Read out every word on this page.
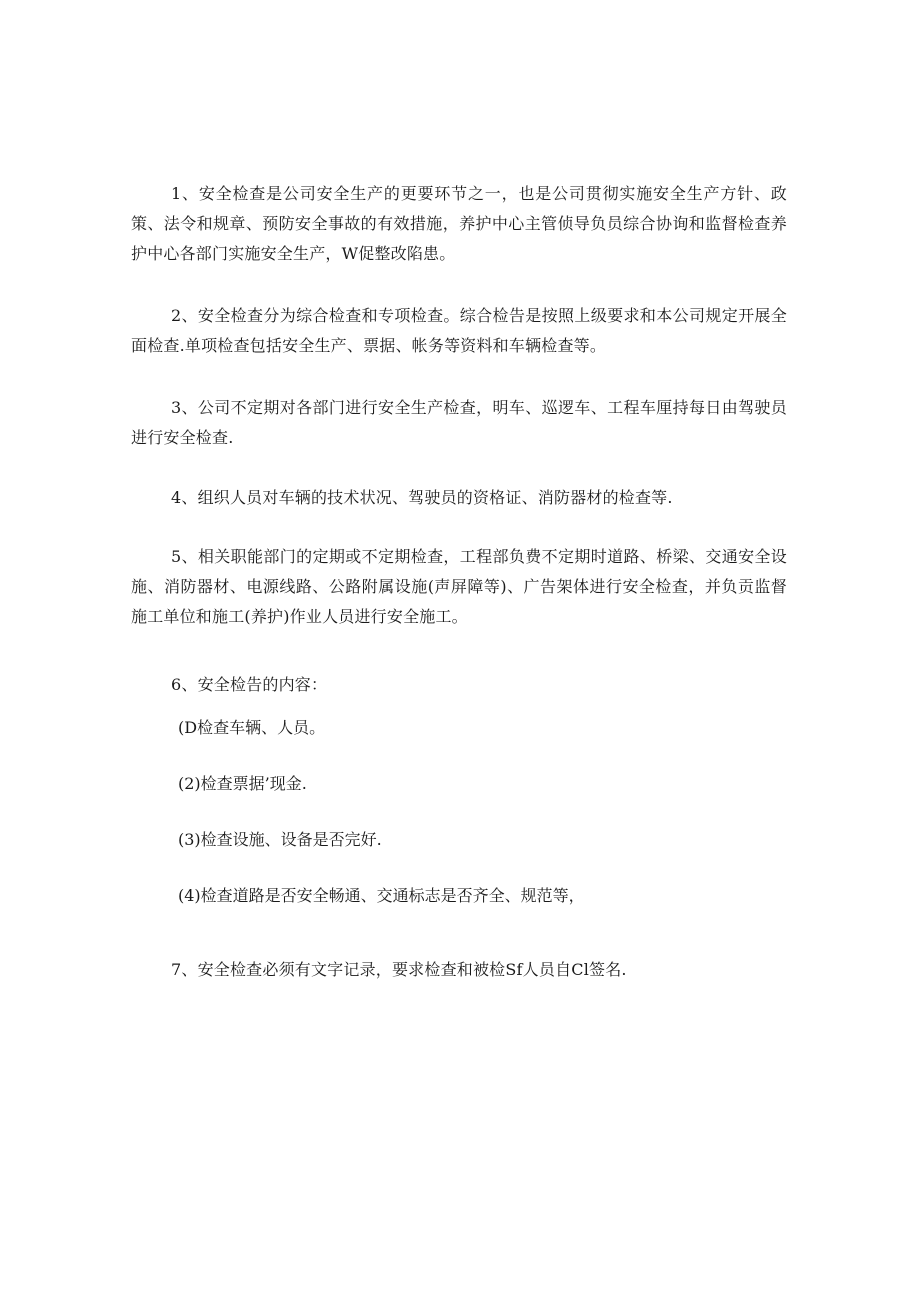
1、安全检查是公司安全生产的更要环节之一，也是公司贯彻实施安全生产方针、政策、法令和规章、预防安全事故的有效措施，养护中心主管侦导负员综合协询和监督检查养护中心各部门实施安全生产，W促整改陷患。

2、安全检查分为综合检查和专项检查。综合检告是按照上级要求和本公司规定开展全面检查.单项检查包括安全生产、票据、帐务等资料和车辆检查等。

3、公司不定期对各部门进行安全生产检查，明车、巡逻车、工程车厘持每日由驾驶员进行安全检查.

4、组织人员对车辆的技术状况、驾驶员的资格证、消防器材的检查等.

5、相关职能部门的定期或不定期检查，工程部负费不定期时道路、桥梁、交通安全设施、消防器材、电源线路、公路附属设施(声屏障等)、广告架体进行安全检查，并负贡监督施工单位和施工(养护)作业人员进行安全施工。

6、安全检告的内容：

(D检查车辆、人员。
(2)检查票据’现金.
(3)检查设施、设备是否完好.
(4)检查道路是否安全畅通、交通标志是否齐全、规范等，

7、安全检查必须有文字记录，要求检查和被检Sf人员自Cl签名.
